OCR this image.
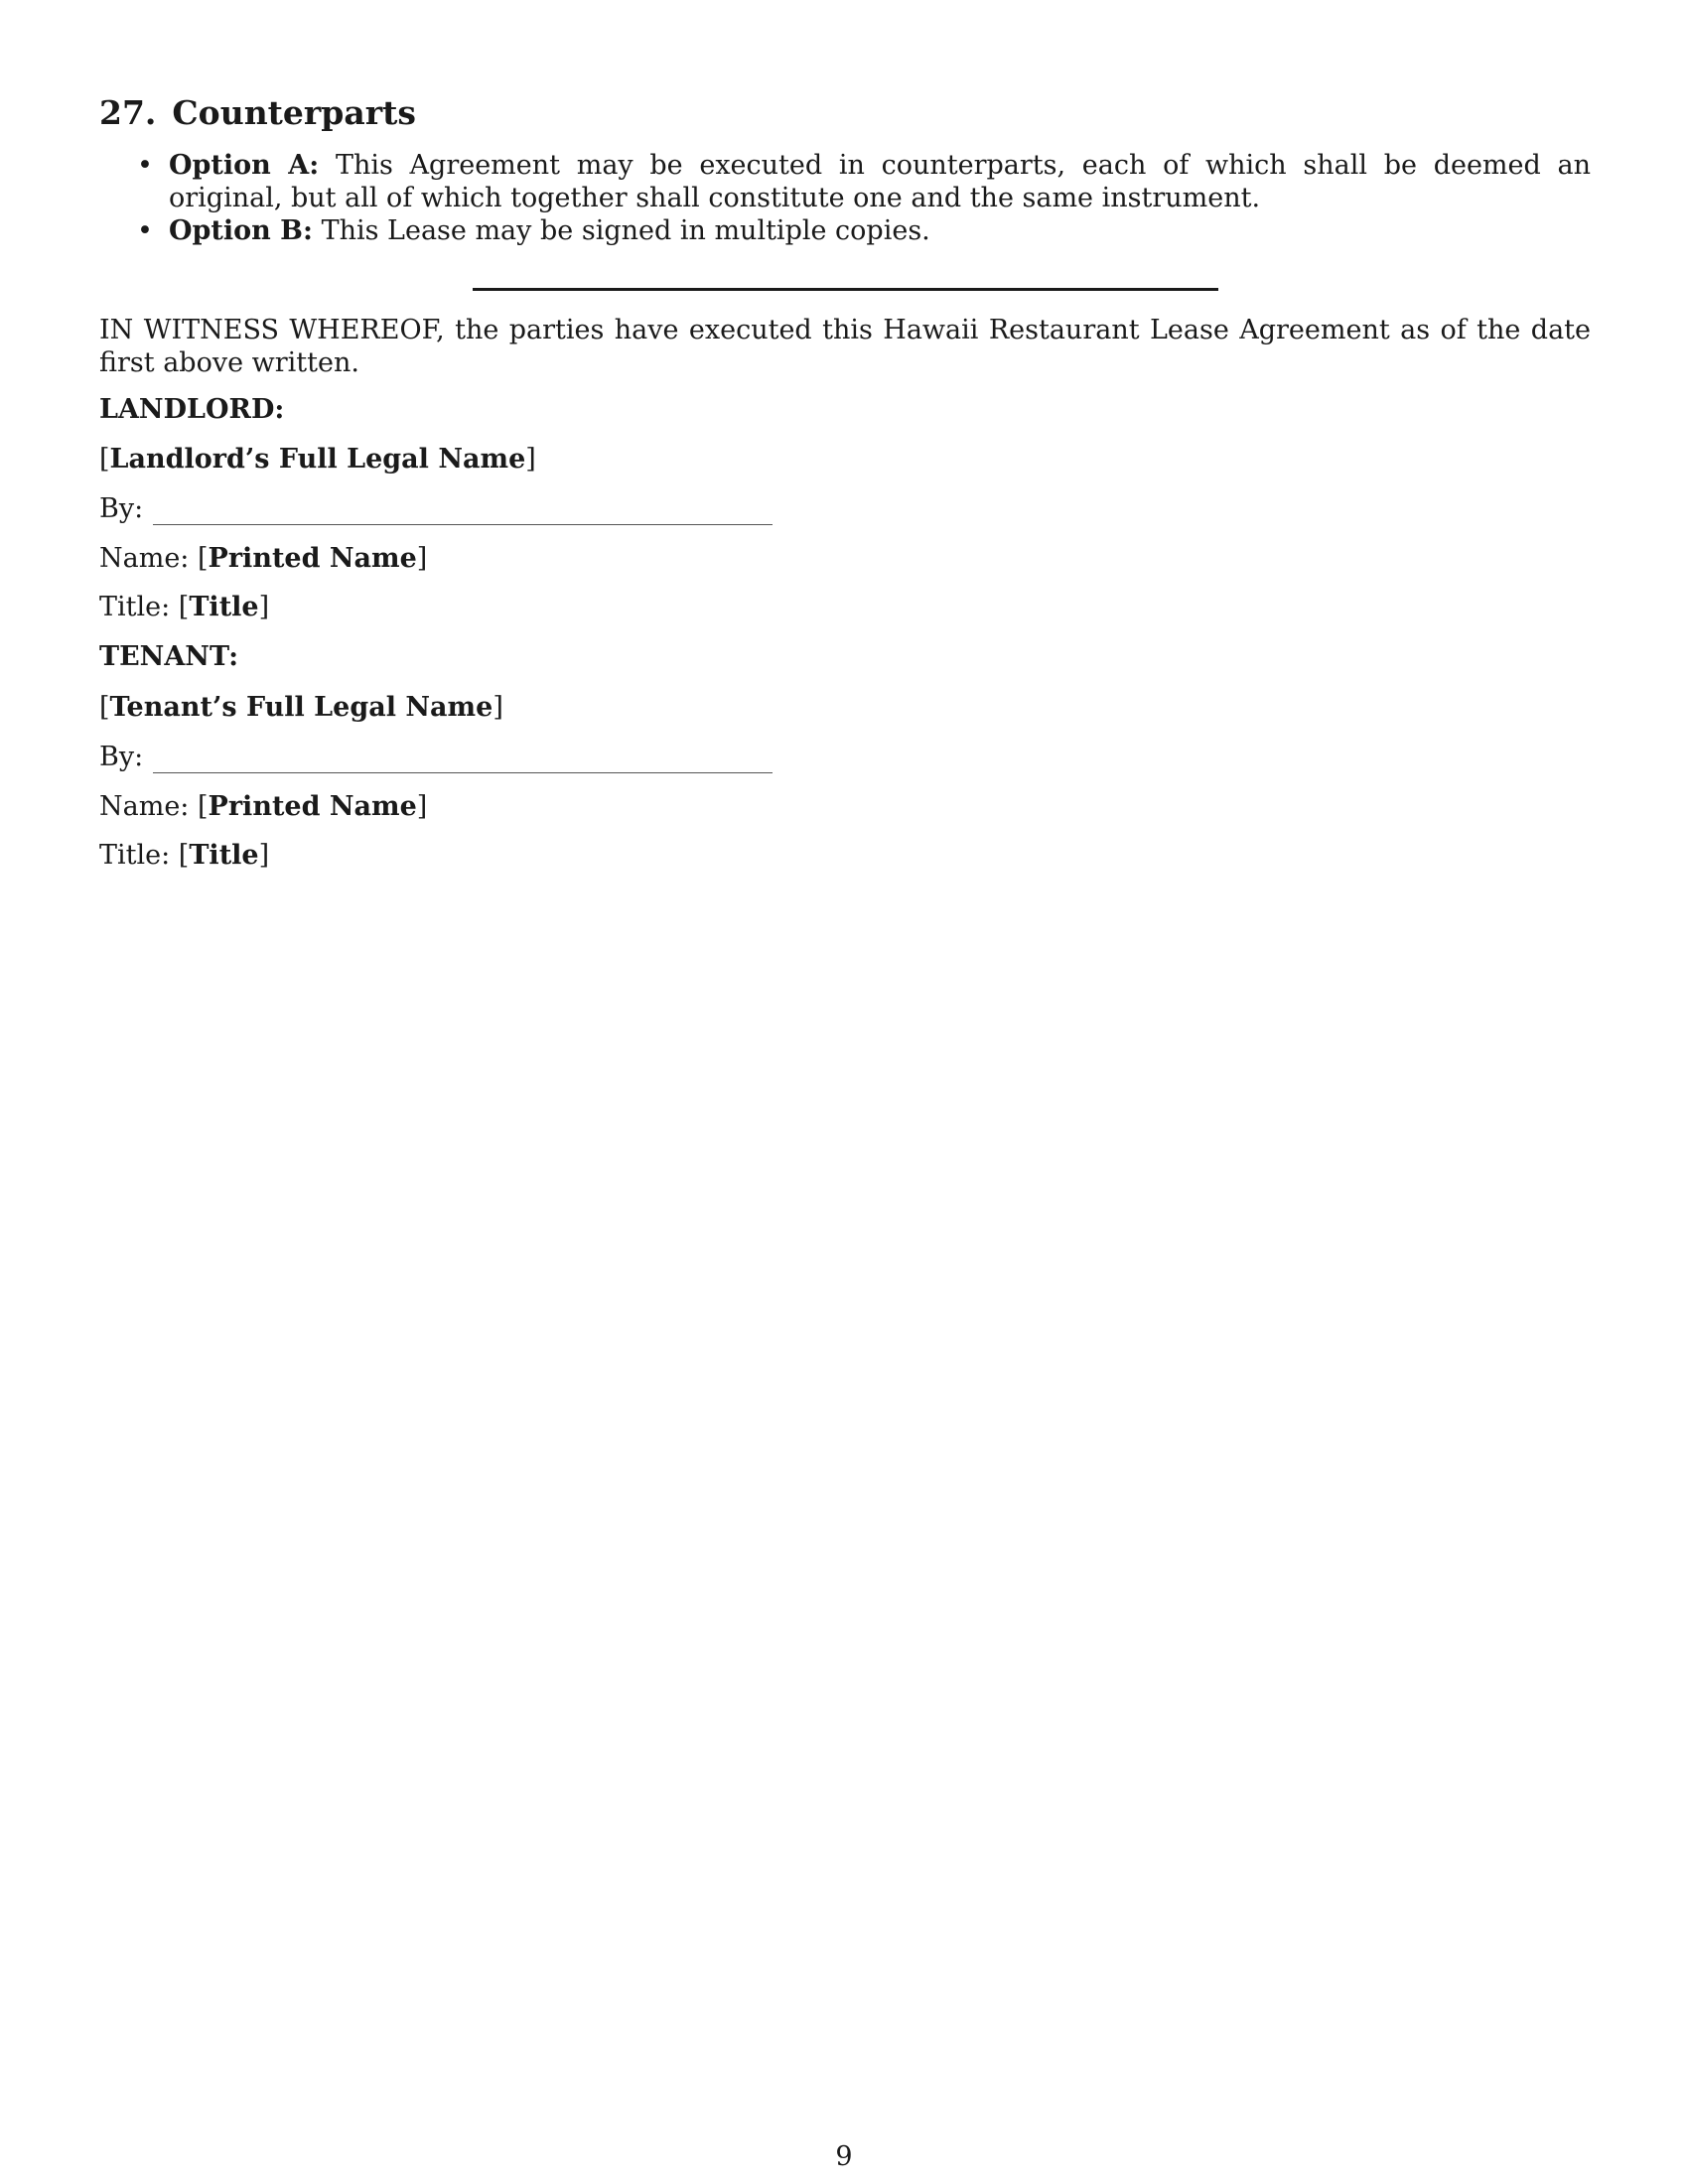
27. Counterparts
• Option A: This Agreement may be executed in counterparts, each of which shall be deemed an original, but all of which together shall constitute one and the same instrument.
• Option B: This Lease may be signed in multiple copies.

IN WITNESS WHEREOF, the parties have executed this Hawaii Restaurant Lease Agreement as of the date first above written.

LANDLORD:

[Landlord’s Full Legal Name]

By:

Name: [Printed Name]

Title: [Title]

TENANT:

[Tenant’s Full Legal Name]

By:

Name: [Printed Name]

Title: [Title]

9
